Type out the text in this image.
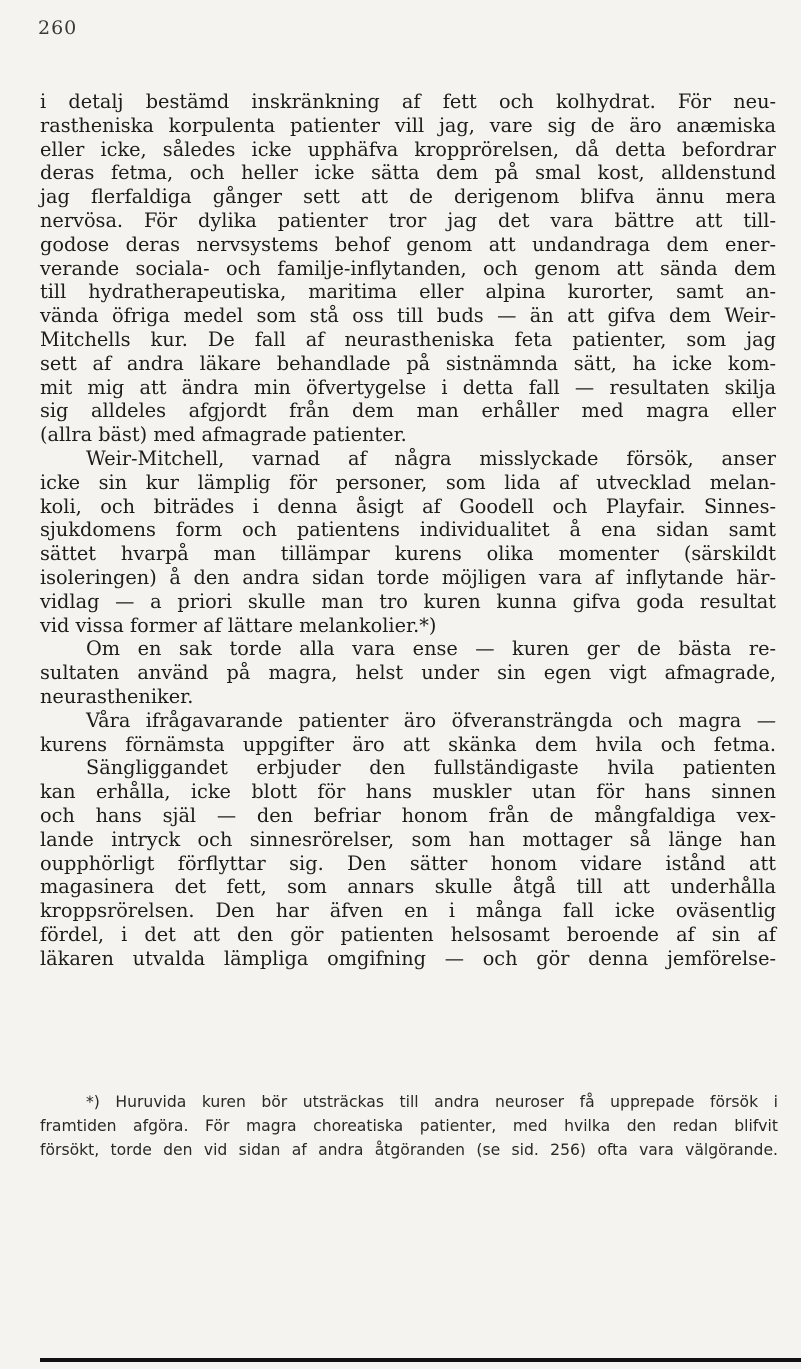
260
i detalj bestämd inskränkning af fett och kolhydrat. För neu-
rastheniska korpulenta patienter vill jag, vare sig de äro anæmiska
eller icke, således icke upphäfva kropprörelsen, då detta befordrar
deras fetma, och heller icke sätta dem på smal kost, alldenstund
jag flerfaldiga gånger sett att de derigenom blifva ännu mera
nervösa. För dylika patienter tror jag det vara bättre att till-
godose deras nervsystems behof genom att undandraga dem ener-
verande sociala- och familje-inflytanden, och genom att sända dem
till hydratherapeutiska, maritima eller alpina kurorter, samt an-
vända öfriga medel som stå oss till buds — än att gifva dem Weir-
Mitchells kur. De fall af neurastheniska feta patienter, som jag
sett af andra läkare behandlade på sistnämnda sätt, ha icke kom-
mit mig att ändra min öfvertygelse i detta fall — resultaten skilja
sig alldeles afgjordt från dem man erhåller med magra eller
(allra bäst) med afmagrade patienter.
Weir-Mitchell, varnad af några misslyckade försök, anser
icke sin kur lämplig för personer, som lida af utvecklad melan-
koli, och biträdes i denna åsigt af Goodell och Playfair. Sinnes-
sjukdomens form och patientens individualitet å ena sidan samt
sättet hvarpå man tillämpar kurens olika momenter (särskildt
isoleringen) å den andra sidan torde möjligen vara af inflytande här-
vidlag — a priori skulle man tro kuren kunna gifva goda resultat
vid vissa former af lättare melankolier.*)
Om en sak torde alla vara ense — kuren ger de bästa re-
sultaten använd på magra, helst under sin egen vigt afmagrade,
neurastheniker.
Våra ifrågavarande patienter äro öfveransträngda och magra —
kurens förnämsta uppgifter äro att skänka dem hvila och fetma.
Sängliggandet erbjuder den fullständigaste hvila patienten
kan erhålla, icke blott för hans muskler utan för hans sinnen
och hans själ — den befriar honom från de mångfaldiga vex-
lande intryck och sinnesrörelser, som han mottager så länge han
oupphörligt förflyttar sig. Den sätter honom vidare istånd att
magasinera det fett, som annars skulle åtgå till att underhålla
kroppsrörelsen. Den har äfven en i många fall icke oväsentlig
fördel, i det att den gör patienten helsosamt beroende af sin af
läkaren utvalda lämpliga omgifning — och gör denna jemförelse-
*) Huruvida kuren bör utsträckas till andra neuroser få upprepade försök i
framtiden afgöra. För magra choreatiska patienter, med hvilka den redan blifvit
försökt, torde den vid sidan af andra åtgöranden (se sid. 256) ofta vara välgörande.
